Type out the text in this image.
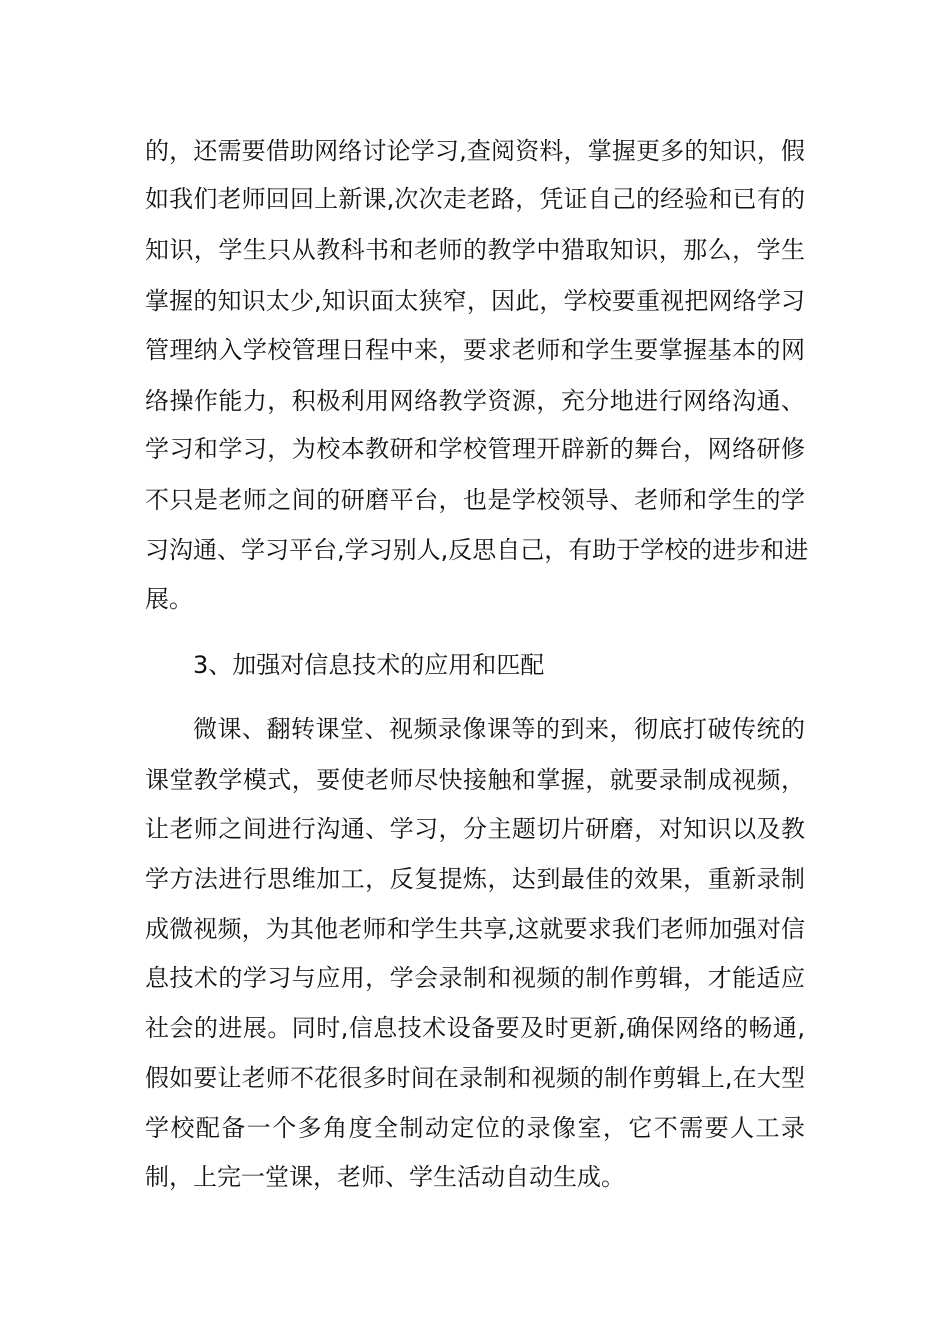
的，还需要借助网络讨论学习,查阅资料，掌握更多的知识，假
如我们老师回回上新课,次次走老路，凭证自己的经验和已有的
知识，学生只从教科书和老师的教学中猎取知识，那么，学生
掌握的知识太少,知识面太狭窄，因此，学校要重视把网络学习
管理纳入学校管理日程中来，要求老师和学生要掌握基本的网
络操作能力，积极利用网络教学资源，充分地进行网络沟通、
学习和学习，为校本教研和学校管理开辟新的舞台，网络研修
不只是老师之间的研磨平台，也是学校领导、老师和学生的学
习沟通、学习平台,学习别人,反思自己，有助于学校的进步和进
展。
3、加强对信息技术的应用和匹配
微课、翻转课堂、视频录像课等的到来，彻底打破传统的
课堂教学模式，要使老师尽快接触和掌握，就要录制成视频，
让老师之间进行沟通、学习，分主题切片研磨，对知识以及教
学方法进行思维加工，反复提炼，达到最佳的效果，重新录制
成微视频，为其他老师和学生共享,这就要求我们老师加强对信
息技术的学习与应用，学会录制和视频的制作剪辑，才能适应
社会的进展。同时,信息技术设备要及时更新,确保网络的畅通,
假如要让老师不花很多时间在录制和视频的制作剪辑上,在大型
学校配备一个多角度全制动定位的录像室，它不需要人工录
制，上完一堂课，老师、学生活动自动生成。
